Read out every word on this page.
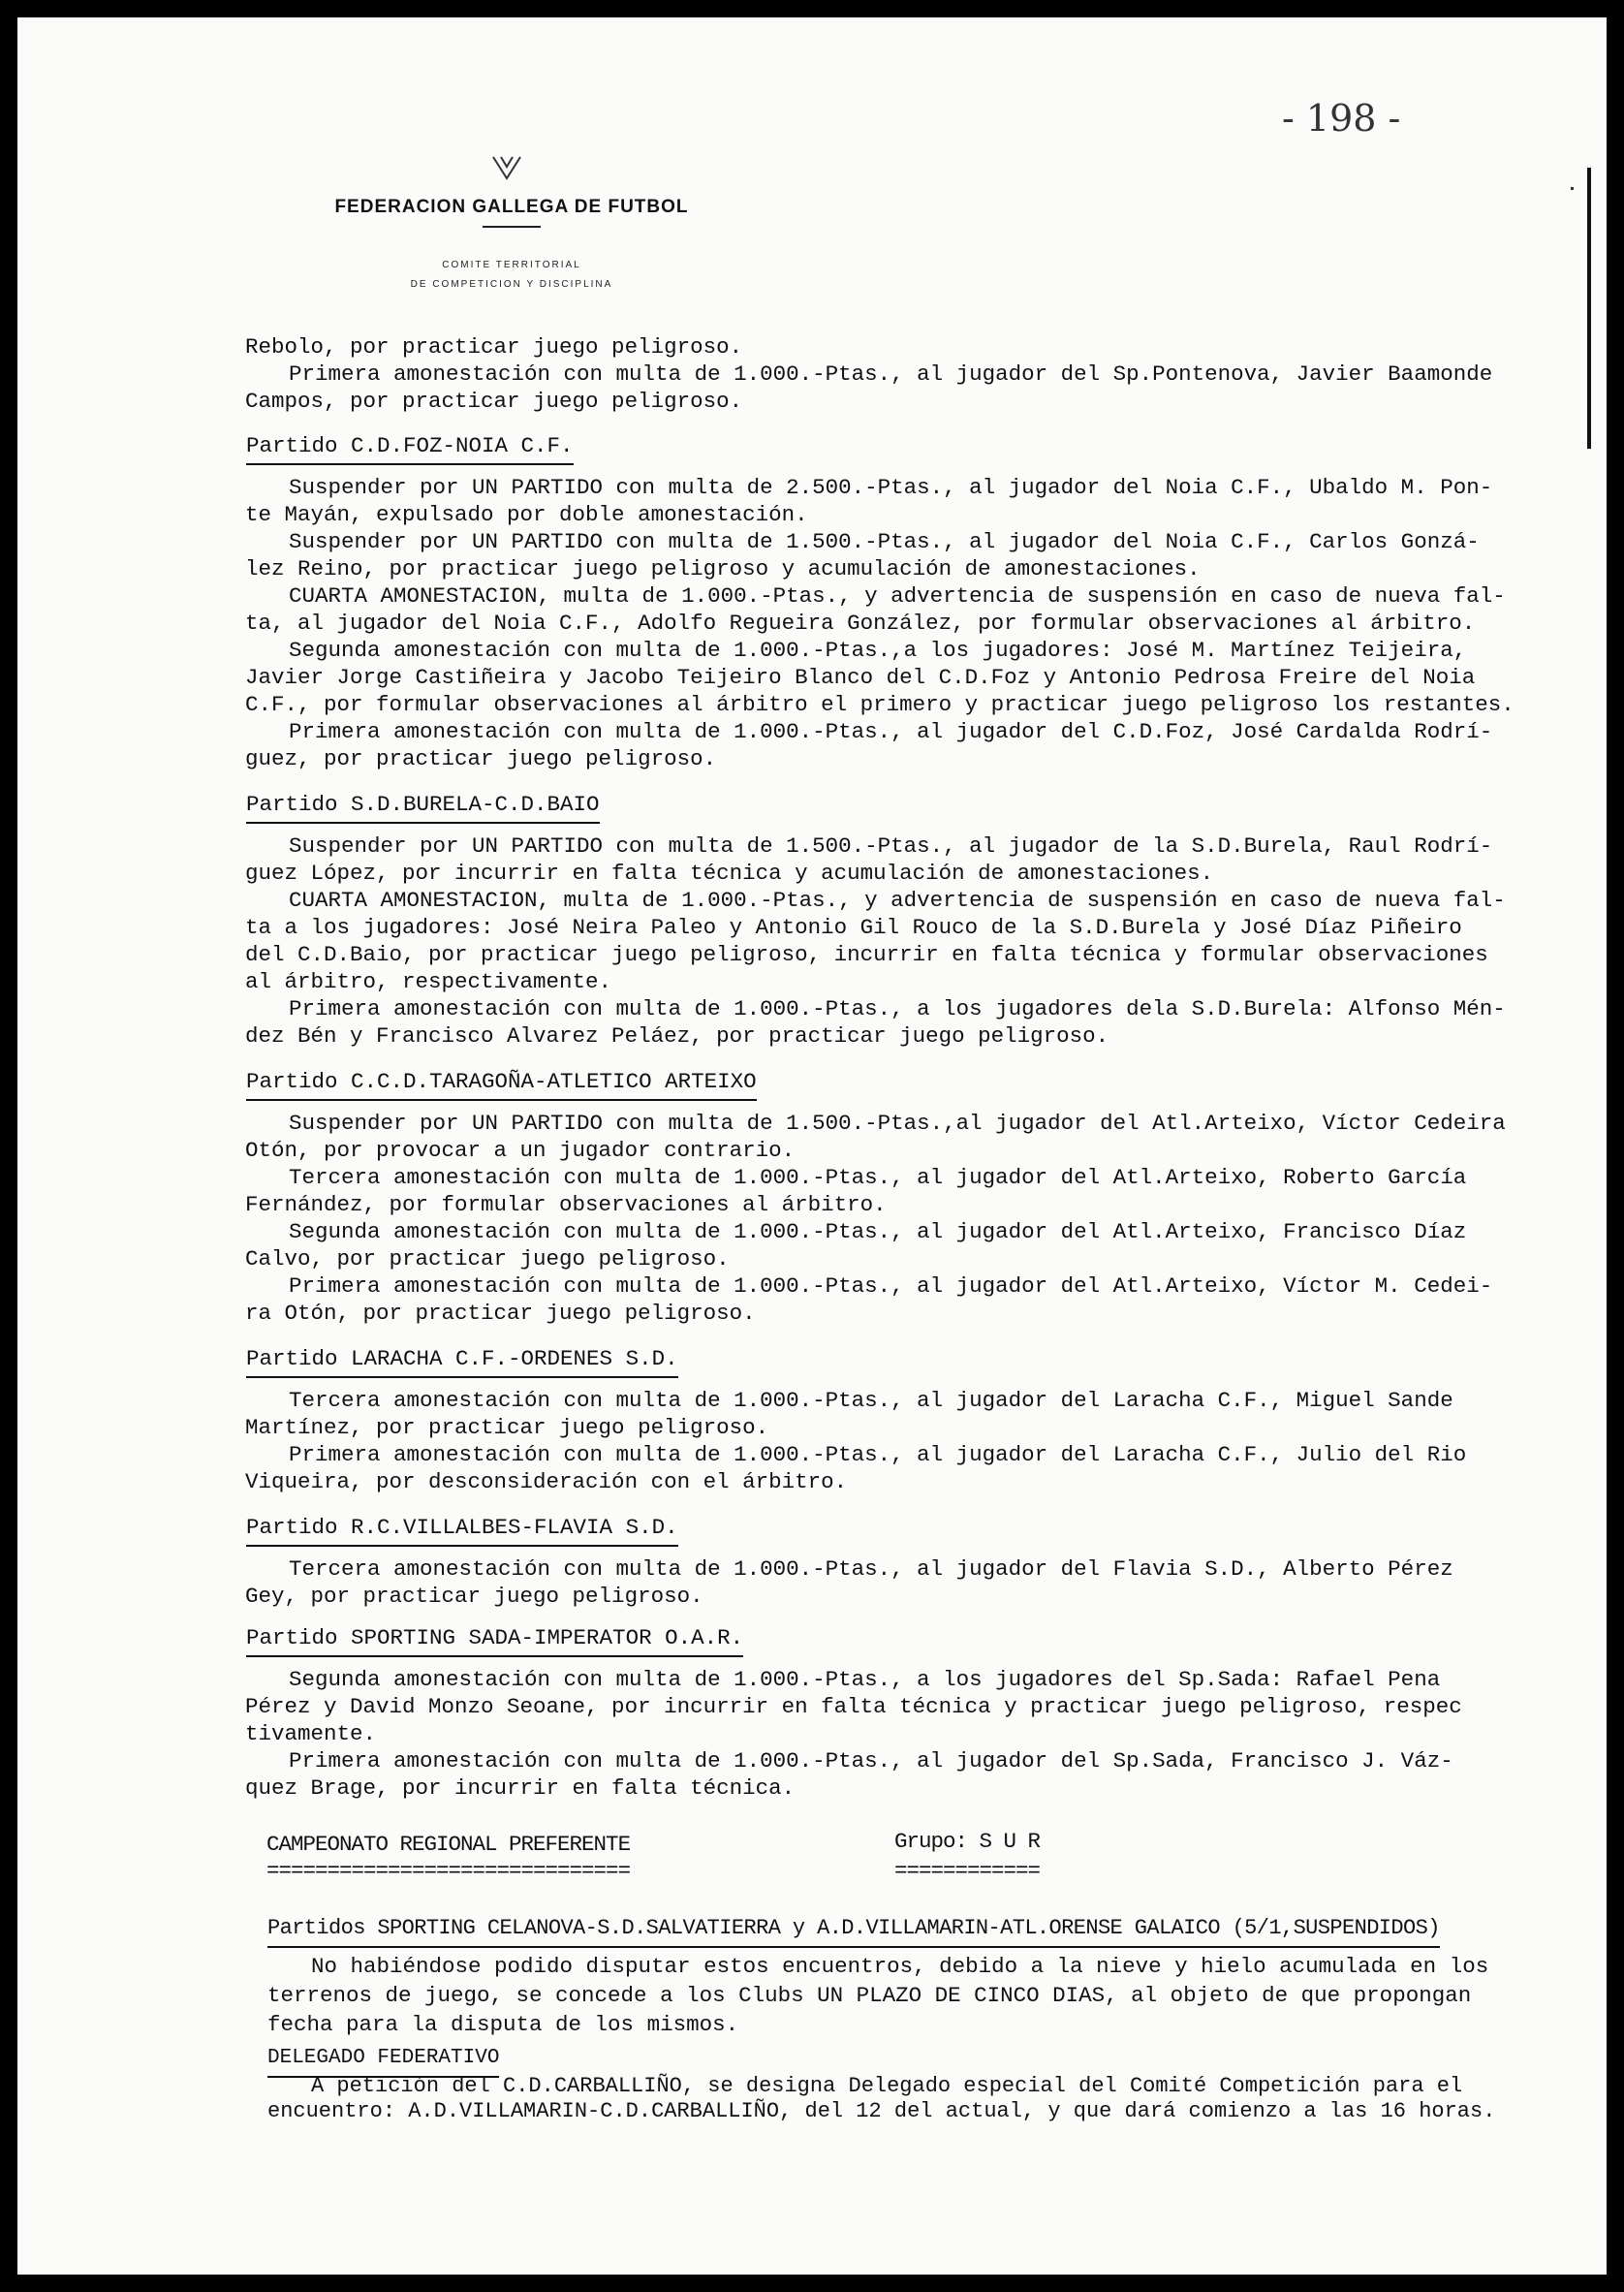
- 198 -
FEDERACION GALLEGA DE FUTBOL
COMITE TERRITORIAL
DE COMPETICION Y DISCIPLINA
Rebolo, por practicar juego peligroso.
Primera amonestación con multa de 1.000.-Ptas., al jugador del Sp.Pontenova, Javier Baamonde
Campos, por practicar juego peligroso.
Partido C.D.FOZ-NOIA C.F.
Suspender por UN PARTIDO con multa de 2.500.-Ptas., al jugador del Noia C.F., Ubaldo M. Pon-
te Mayán, expulsado por doble amonestación.
Suspender por UN PARTIDO con multa de 1.500.-Ptas., al jugador del Noia C.F., Carlos Gonzá-
lez Reino, por practicar juego peligroso y acumulación de amonestaciones.
CUARTA AMONESTACION, multa de 1.000.-Ptas., y advertencia de suspensión en caso de nueva fal-
ta, al jugador del Noia C.F., Adolfo Regueira González, por formular observaciones al árbitro.
Segunda amonestación con multa de 1.000.-Ptas.,a los jugadores: José M. Martínez Teijeira,
Javier Jorge Castiñeira y Jacobo Teijeiro Blanco del C.D.Foz y Antonio Pedrosa Freire del Noia
C.F., por formular observaciones al árbitro el primero y practicar juego peligroso los restantes.
Primera amonestación con multa de 1.000.-Ptas., al jugador del C.D.Foz, José Cardalda Rodrí-
guez, por practicar juego peligroso.
Partido S.D.BURELA-C.D.BAIO
Suspender por UN PARTIDO con multa de 1.500.-Ptas., al jugador de la S.D.Burela, Raul Rodrí-
guez López, por incurrir en falta técnica y acumulación de amonestaciones.
CUARTA AMONESTACION, multa de 1.000.-Ptas., y advertencia de suspensión en caso de nueva fal-
ta a los jugadores: José Neira Paleo y Antonio Gil Rouco de la S.D.Burela y José Díaz Piñeiro
del C.D.Baio, por practicar juego peligroso, incurrir en falta técnica y formular observaciones
al árbitro, respectivamente.
Primera amonestación con multa de 1.000.-Ptas., a los jugadores dela S.D.Burela: Alfonso Mén-
dez Bén y Francisco Alvarez Peláez, por practicar juego peligroso.
Partido C.C.D.TARAGOÑA-ATLETICO ARTEIXO
Suspender por UN PARTIDO con multa de 1.500.-Ptas.,al jugador del Atl.Arteixo, Víctor Cedeira
Otón, por provocar a un jugador contrario.
Tercera amonestación con multa de 1.000.-Ptas., al jugador del Atl.Arteixo, Roberto García
Fernández, por formular observaciones al árbitro.
Segunda amonestación con multa de 1.000.-Ptas., al jugador del Atl.Arteixo, Francisco Díaz
Calvo, por practicar juego peligroso.
Primera amonestación con multa de 1.000.-Ptas., al jugador del Atl.Arteixo, Víctor M. Cedei-
ra Otón, por practicar juego peligroso.
Partido LARACHA C.F.-ORDENES S.D.
Tercera amonestación con multa de 1.000.-Ptas., al jugador del Laracha C.F., Miguel Sande
Martínez, por practicar juego peligroso.
Primera amonestación con multa de 1.000.-Ptas., al jugador del Laracha C.F., Julio del Rio
Viqueira, por desconsideración con el árbitro.
Partido R.C.VILLALBES-FLAVIA S.D.
Tercera amonestación con multa de 1.000.-Ptas., al jugador del Flavia S.D., Alberto Pérez
Gey, por practicar juego peligroso.
Partido SPORTING SADA-IMPERATOR O.A.R.
Segunda amonestación con multa de 1.000.-Ptas., a los jugadores del Sp.Sada: Rafael Pena
Pérez y David Monzo Seoane, por incurrir en falta técnica y practicar juego peligroso, respec
tivamente.
Primera amonestación con multa de 1.000.-Ptas., al jugador del Sp.Sada, Francisco J. Váz-
quez Brage, por incurrir en falta técnica.
CAMPEONATO REGIONAL PREFERENTE
==============================
Grupo: S U R
============
Partidos SPORTING CELANOVA-S.D.SALVATIERRA y A.D.VILLAMARIN-ATL.ORENSE GALAICO (5/1,SUSPENDIDOS)
No habiéndose podido disputar estos encuentros, debido a la nieve y hielo acumulada en los
terrenos de juego, se concede a los Clubs UN PLAZO DE CINCO DIAS, al objeto de que propongan
fecha para la disputa de los mismos.
DELEGADO FEDERATIVO
A petición del C.D.CARBALLIÑO, se designa Delegado especial del Comité Competición para el
encuentro: A.D.VILLAMARIN-C.D.CARBALLIÑO, del 12 del actual, y que dará comienzo a las 16 horas.
